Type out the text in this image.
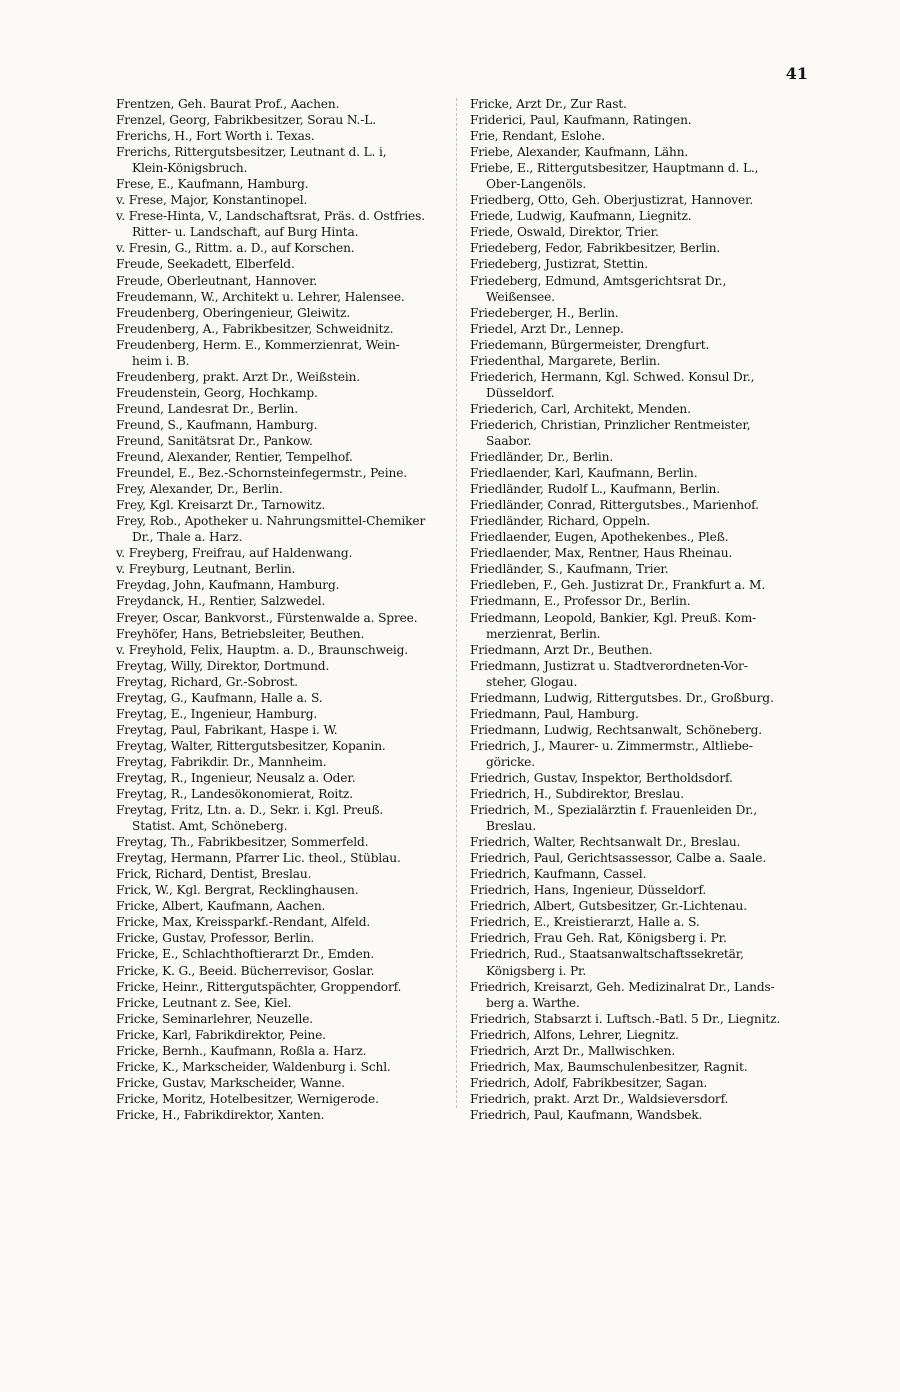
41

Frentzen, Geh. Baurat Prof., Aachen.

Frenzel, Georg, Fabrikbesitzer, Sorau N.-L.

Frerichs, H., Fort Worth i. Texas.

Frerichs, Rittergutsbesitzer, Leutnant d. L. i,

Klein-Königsbruch.

Frese, E., Kaufmann, Hamburg.

v. Frese, Major, Konstantinopel.

v. Frese-Hinta, V., Landschaftsrat, Präs. d. Ostfries.

Ritter- u. Landschaft, auf Burg Hinta.

v. Fresin, G., Rittm. a. D., auf Korschen.

Freude, Seekadett, Elberfeld.

Freude, Oberleutnant, Hannover.

Freudemann, W., Architekt u. Lehrer, Halensee.

Freudenberg, Oberingenieur, Gleiwitz.

Freudenberg, A., Fabrikbesitzer, Schweidnitz.

Freudenberg, Herm. E., Kommerzienrat, Wein-

heim i. B.

Freudenberg, prakt. Arzt Dr., Weißstein.

Freudenstein, Georg, Hochkamp.

Freund, Landesrat Dr., Berlin.

Freund, S., Kaufmann, Hamburg.

Freund, Sanitätsrat Dr., Pankow.

Freund, Alexander, Rentier, Tempelhof.

Freundel, E., Bez.-Schornsteinfegermstr., Peine.

Frey, Alexander, Dr., Berlin.

Frey, Kgl. Kreisarzt Dr., Tarnowitz.

Frey, Rob., Apotheker u. Nahrungsmittel-Chemiker

Dr., Thale a. Harz.

v. Freyberg, Freifrau, auf Haldenwang.

v. Freyburg, Leutnant, Berlin.

Freydag, John, Kaufmann, Hamburg.

Freydanck, H., Rentier, Salzwedel.

Freyer, Oscar, Bankvorst., Fürstenwalde a. Spree.

Freyhöfer, Hans, Betriebsleiter, Beuthen.

v. Freyhold, Felix, Hauptm. a. D., Braunschweig.

Freytag, Willy, Direktor, Dortmund.

Freytag, Richard, Gr.-Sobrost.

Freytag, G., Kaufmann, Halle a. S.

Freytag, E., Ingenieur, Hamburg.

Freytag, Paul, Fabrikant, Haspe i. W.

Freytag, Walter, Rittergutsbesitzer, Kopanin.

Freytag, Fabrikdir. Dr., Mannheim.

Freytag, R., Ingenieur, Neusalz a. Oder.

Freytag, R., Landesökonomierat, Roitz.

Freytag, Fritz, Ltn. a. D., Sekr. i. Kgl. Preuß.

Statist. Amt, Schöneberg.

Freytag, Th., Fabrikbesitzer, Sommerfeld.

Freytag, Hermann, Pfarrer Lic. theol., Stüblau.

Frick, Richard, Dentist, Breslau.

Frick, W., Kgl. Bergrat, Recklinghausen.

Fricke, Albert, Kaufmann, Aachen.

Fricke, Max, Kreissparkf.-Rendant, Alfeld.

Fricke, Gustav, Professor, Berlin.

Fricke, E., Schlachthoftierarzt Dr., Emden.

Fricke, K. G., Beeid. Bücherrevisor, Goslar.

Fricke, Heinr., Rittergutspächter, Groppendorf.

Fricke, Leutnant z. See, Kiel.

Fricke, Seminarlehrer, Neuzelle.

Fricke, Karl, Fabrikdirektor, Peine.

Fricke, Bernh., Kaufmann, Roßla a. Harz.

Fricke, K., Markscheider, Waldenburg i. Schl.

Fricke, Gustav, Markscheider, Wanne.

Fricke, Moritz, Hotelbesitzer, Wernigerode.

Fricke, H., Fabrikdirektor, Xanten.

Fricke, Arzt Dr., Zur Rast.

Friderici, Paul, Kaufmann, Ratingen.

Frie, Rendant, Eslohe.

Friebe, Alexander, Kaufmann, Lähn.

Friebe, E., Rittergutsbesitzer, Hauptmann d. L.,

Ober-Langenöls.

Friedberg, Otto, Geh. Oberjustizrat, Hannover.

Friede, Ludwig, Kaufmann, Liegnitz.

Friede, Oswald, Direktor, Trier.

Friedeberg, Fedor, Fabrikbesitzer, Berlin.

Friedeberg, Justizrat, Stettin.

Friedeberg, Edmund, Amtsgerichtsrat Dr.,

Weißensee.

Friedeberger, H., Berlin.

Friedel, Arzt Dr., Lennep.

Friedemann, Bürgermeister, Drengfurt.

Friedenthal, Margarete, Berlin.

Friederich, Hermann, Kgl. Schwed. Konsul Dr.,

Düsseldorf.

Friederich, Carl, Architekt, Menden.

Friederich, Christian, Prinzlicher Rentmeister,

Saabor.

Friedländer, Dr., Berlin.

Friedlaender, Karl, Kaufmann, Berlin.

Friedländer, Rudolf L., Kaufmann, Berlin.

Friedländer, Conrad, Rittergutsbes., Marienhof.

Friedländer, Richard, Oppeln.

Friedlaender, Eugen, Apothekenbes., Pleß.

Friedlaender, Max, Rentner, Haus Rheinau.

Friedländer, S., Kaufmann, Trier.

Friedleben, F., Geh. Justizrat Dr., Frankfurt a. M.

Friedmann, E., Professor Dr., Berlin.

Friedmann, Leopold, Bankier, Kgl. Preuß. Kom-

merzienrat, Berlin.

Friedmann, Arzt Dr., Beuthen.

Friedmann, Justizrat u. Stadtverordneten-Vor-

steher, Glogau.

Friedmann, Ludwig, Rittergutsbes. Dr., Großburg.

Friedmann, Paul, Hamburg.

Friedmann, Ludwig, Rechtsanwalt, Schöneberg.

Friedrich, J., Maurer- u. Zimmermstr., Altliebe-

göricke.

Friedrich, Gustav, Inspektor, Bertholdsdorf.

Friedrich, H., Subdirektor, Breslau.

Friedrich, M., Spezialärztin f. Frauenleiden Dr.,

Breslau.

Friedrich, Walter, Rechtsanwalt Dr., Breslau.

Friedrich, Paul, Gerichtsassessor, Calbe a. Saale.

Friedrich, Kaufmann, Cassel.

Friedrich, Hans, Ingenieur, Düsseldorf.

Friedrich, Albert, Gutsbesitzer, Gr.-Lichtenau.

Friedrich, E., Kreistierarzt, Halle a. S.

Friedrich, Frau Geh. Rat, Königsberg i. Pr.

Friedrich, Rud., Staatsanwaltschaftssekretär,

Königsberg i. Pr.

Friedrich, Kreisarzt, Geh. Medizinalrat Dr., Lands-

berg a. Warthe.

Friedrich, Stabsarzt i. Luftsch.-Batl. 5 Dr., Liegnitz.

Friedrich, Alfons, Lehrer, Liegnitz.

Friedrich, Arzt Dr., Mallwischken.

Friedrich, Max, Baumschulenbesitzer, Ragnit.

Friedrich, Adolf, Fabrikbesitzer, Sagan.

Friedrich, prakt. Arzt Dr., Waldsieversdorf.

Friedrich, Paul, Kaufmann, Wandsbek.
